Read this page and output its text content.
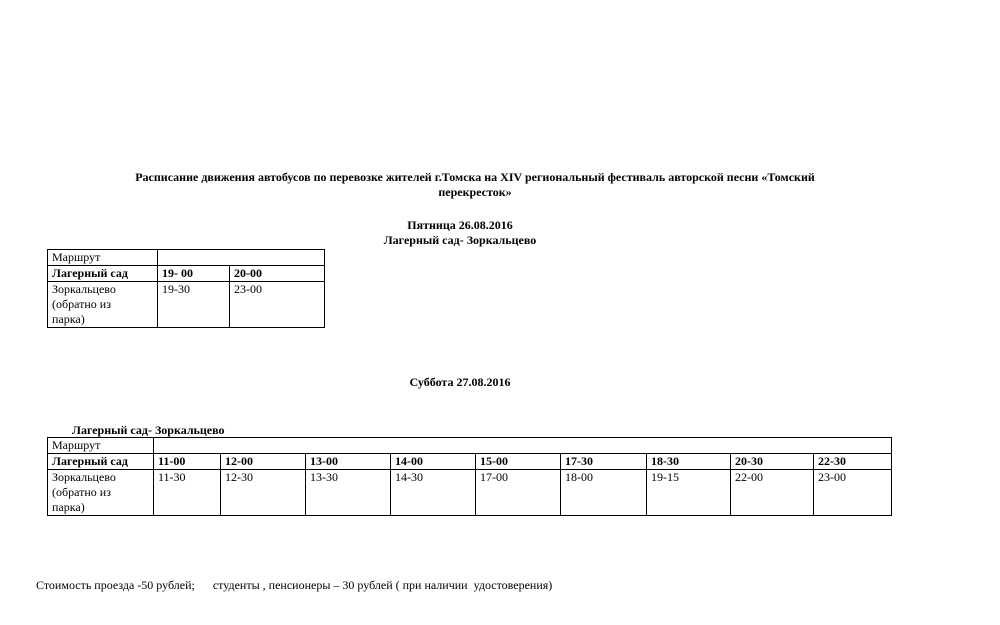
Расписание движения автобусов по перевозке жителей г.Томска на XIV региональный фестиваль авторской песни «Томский
перекресток»
Пятница 26.08.2016
Лагерный сад- Зоркальцево
Маршрут		
Лагерный сад	19- 00	20-00

Зоркальцево
(обратно из
парка)	19-30	23-00
Суббота 27.08.2016
Лагерный сад- Зоркальцево
Маршрут									
Лагерный сад	11-00	12-00	13-00	14-00	15-00	17-30	18-30	20-30	22-30

Зоркальцево
(обратно из
парка)	11-30	12-30	13-30	14-30	17-00	18-00	19-15	22-00	23-00
Стоимость проезда -50 рублей;      студенты , пенсионеры – 30 рублей ( при наличии  удостоверения)
